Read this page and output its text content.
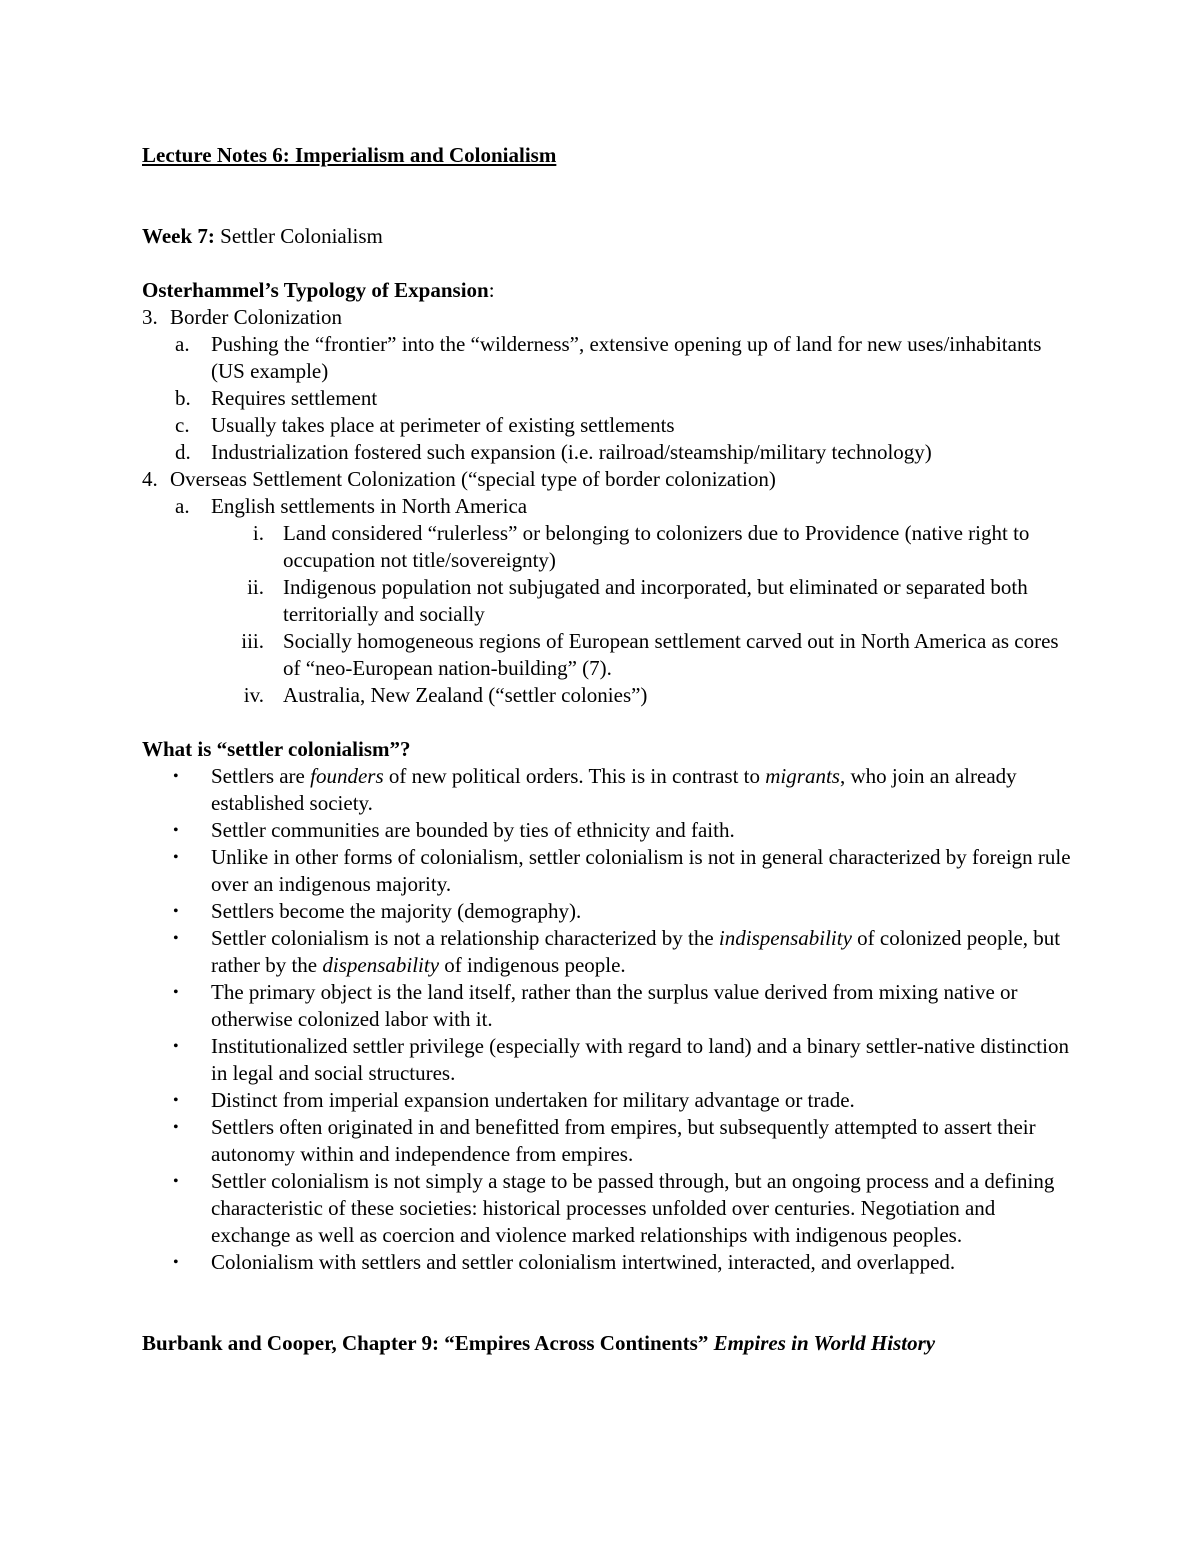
Lecture Notes 6: Imperialism and Colonialism

Week 7: Settler Colonialism

Osterhammel’s Typology of Expansion:

3. Border Colonization
a. Pushing the “frontier” into the “wilderness”, extensive opening up of land for new uses/inhabitants (US example)
b. Requires settlement
c. Usually takes place at perimeter of existing settlements
d. Industrialization fostered such expansion (i.e. railroad/steamship/military technology)
4. Overseas Settlement Colonization (“special type of border colonization)
a. English settlements in North America
i. Land considered “rulerless” or belonging to colonizers due to Providence (native right to occupation not title/sovereignty)
ii. Indigenous population not subjugated and incorporated, but eliminated or separated both territorially and socially
iii. Socially homogeneous regions of European settlement carved out in North America as cores of “neo-European nation-building” (7).
iv. Australia, New Zealand (“settler colonies”)

What is “settler colonialism”?

• Settlers are founders of new political orders. This is in contrast to migrants, who join an already established society.
• Settler communities are bounded by ties of ethnicity and faith.
• Unlike in other forms of colonialism, settler colonialism is not in general characterized by foreign rule over an indigenous majority.
• Settlers become the majority (demography).
• Settler colonialism is not a relationship characterized by the indispensability of colonized people, but rather by the dispensability of indigenous people.
• The primary object is the land itself, rather than the surplus value derived from mixing native or otherwise colonized labor with it.
• Institutionalized settler privilege (especially with regard to land) and a binary settler-native distinction in legal and social structures.
• Distinct from imperial expansion undertaken for military advantage or trade.
• Settlers often originated in and benefitted from empires, but subsequently attempted to assert their autonomy within and independence from empires.
• Settler colonialism is not simply a stage to be passed through, but an ongoing process and a defining characteristic of these societies: historical processes unfolded over centuries. Negotiation and exchange as well as coercion and violence marked relationships with indigenous peoples.
• Colonialism with settlers and settler colonialism intertwined, interacted, and overlapped.

Burbank and Cooper, Chapter 9: “Empires Across Continents” Empires in World History
